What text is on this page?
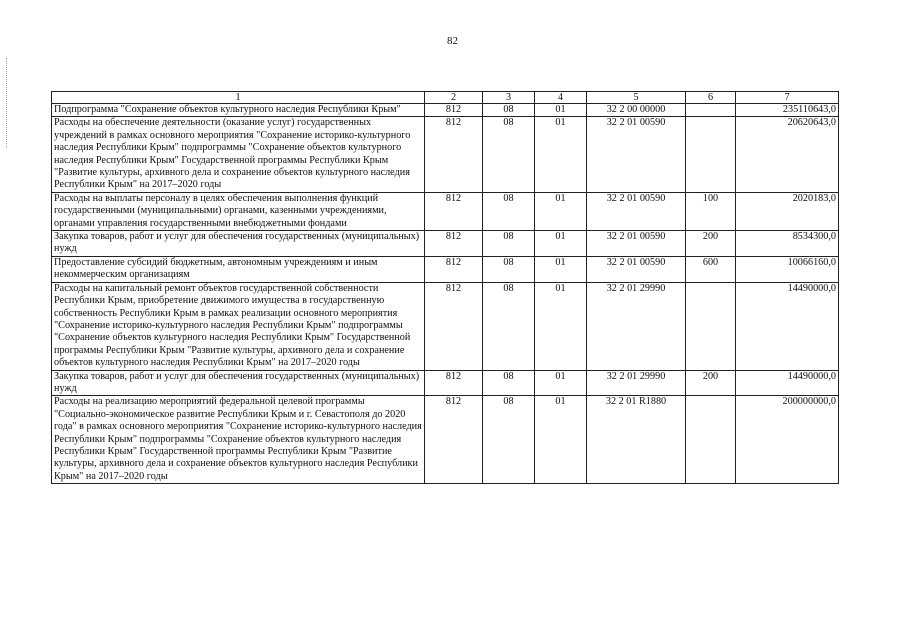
82
1	2	3	4	5	6	7
Подпрограмма "Сохранение объектов культурного наследия Республики Крым"	812	08	01	32 2 00 00000		235110643,0
Расходы на обеспечение деятельности (оказание услуг) государственных учреждений в рамках основного мероприятия "Сохранение историко-культурного наследия Республики Крым" подпрограммы "Сохранение объектов культурного наследия Республики Крым" Государственной программы Республики Крым "Развитие культуры, архивного дела и сохранение объектов культурного наследия Республики Крым" на 2017–2020 годы	812	08	01	32 2 01 00590		20620643,0
Расходы на выплаты персоналу в целях обеспечения выполнения функций государственными (муниципальными) органами, казенными учреждениями, органами управления государственными внебюджетными фондами	812	08	01	32 2 01 00590	100	2020183,0
Закупка товаров, работ и услуг для обеспечения государственных (муниципальных) нужд	812	08	01	32 2 01 00590	200	8534300,0
Предоставление субсидий бюджетным, автономным учреждениям и иным некоммерческим организациям	812	08	01	32 2 01 00590	600	10066160,0
Расходы на капитальный ремонт объектов государственной собственности Республики Крым, приобретение движимого имущества в государственную собственность Республики Крым в рамках реализации основного мероприятия "Сохранение историко-культурного наследия Республики Крым" подпрограммы "Сохранение объектов культурного наследия Республики Крым" Государственной программы Республики Крым "Развитие культуры, архивного дела и сохранение объектов культурного наследия Республики Крым" на 2017–2020 годы	812	08	01	32 2 01 29990		14490000,0
Закупка товаров, работ и услуг для обеспечения государственных (муниципальных) нужд	812	08	01	32 2 01 29990	200	14490000,0
Расходы на реализацию мероприятий федеральной целевой программы "Социально-экономическое развитие Республики Крым и г. Севастополя до 2020 года" в рамках основного мероприятия "Сохранение историко-культурного наследия Республики Крым" подпрограммы "Сохранение объектов культурного наследия Республики Крым" Государственной программы Республики Крым "Развитие культуры, архивного дела и сохранение объектов культурного наследия Республики Крым" на 2017–2020 годы	812	08	01	32 2 01 R1880		200000000,0
